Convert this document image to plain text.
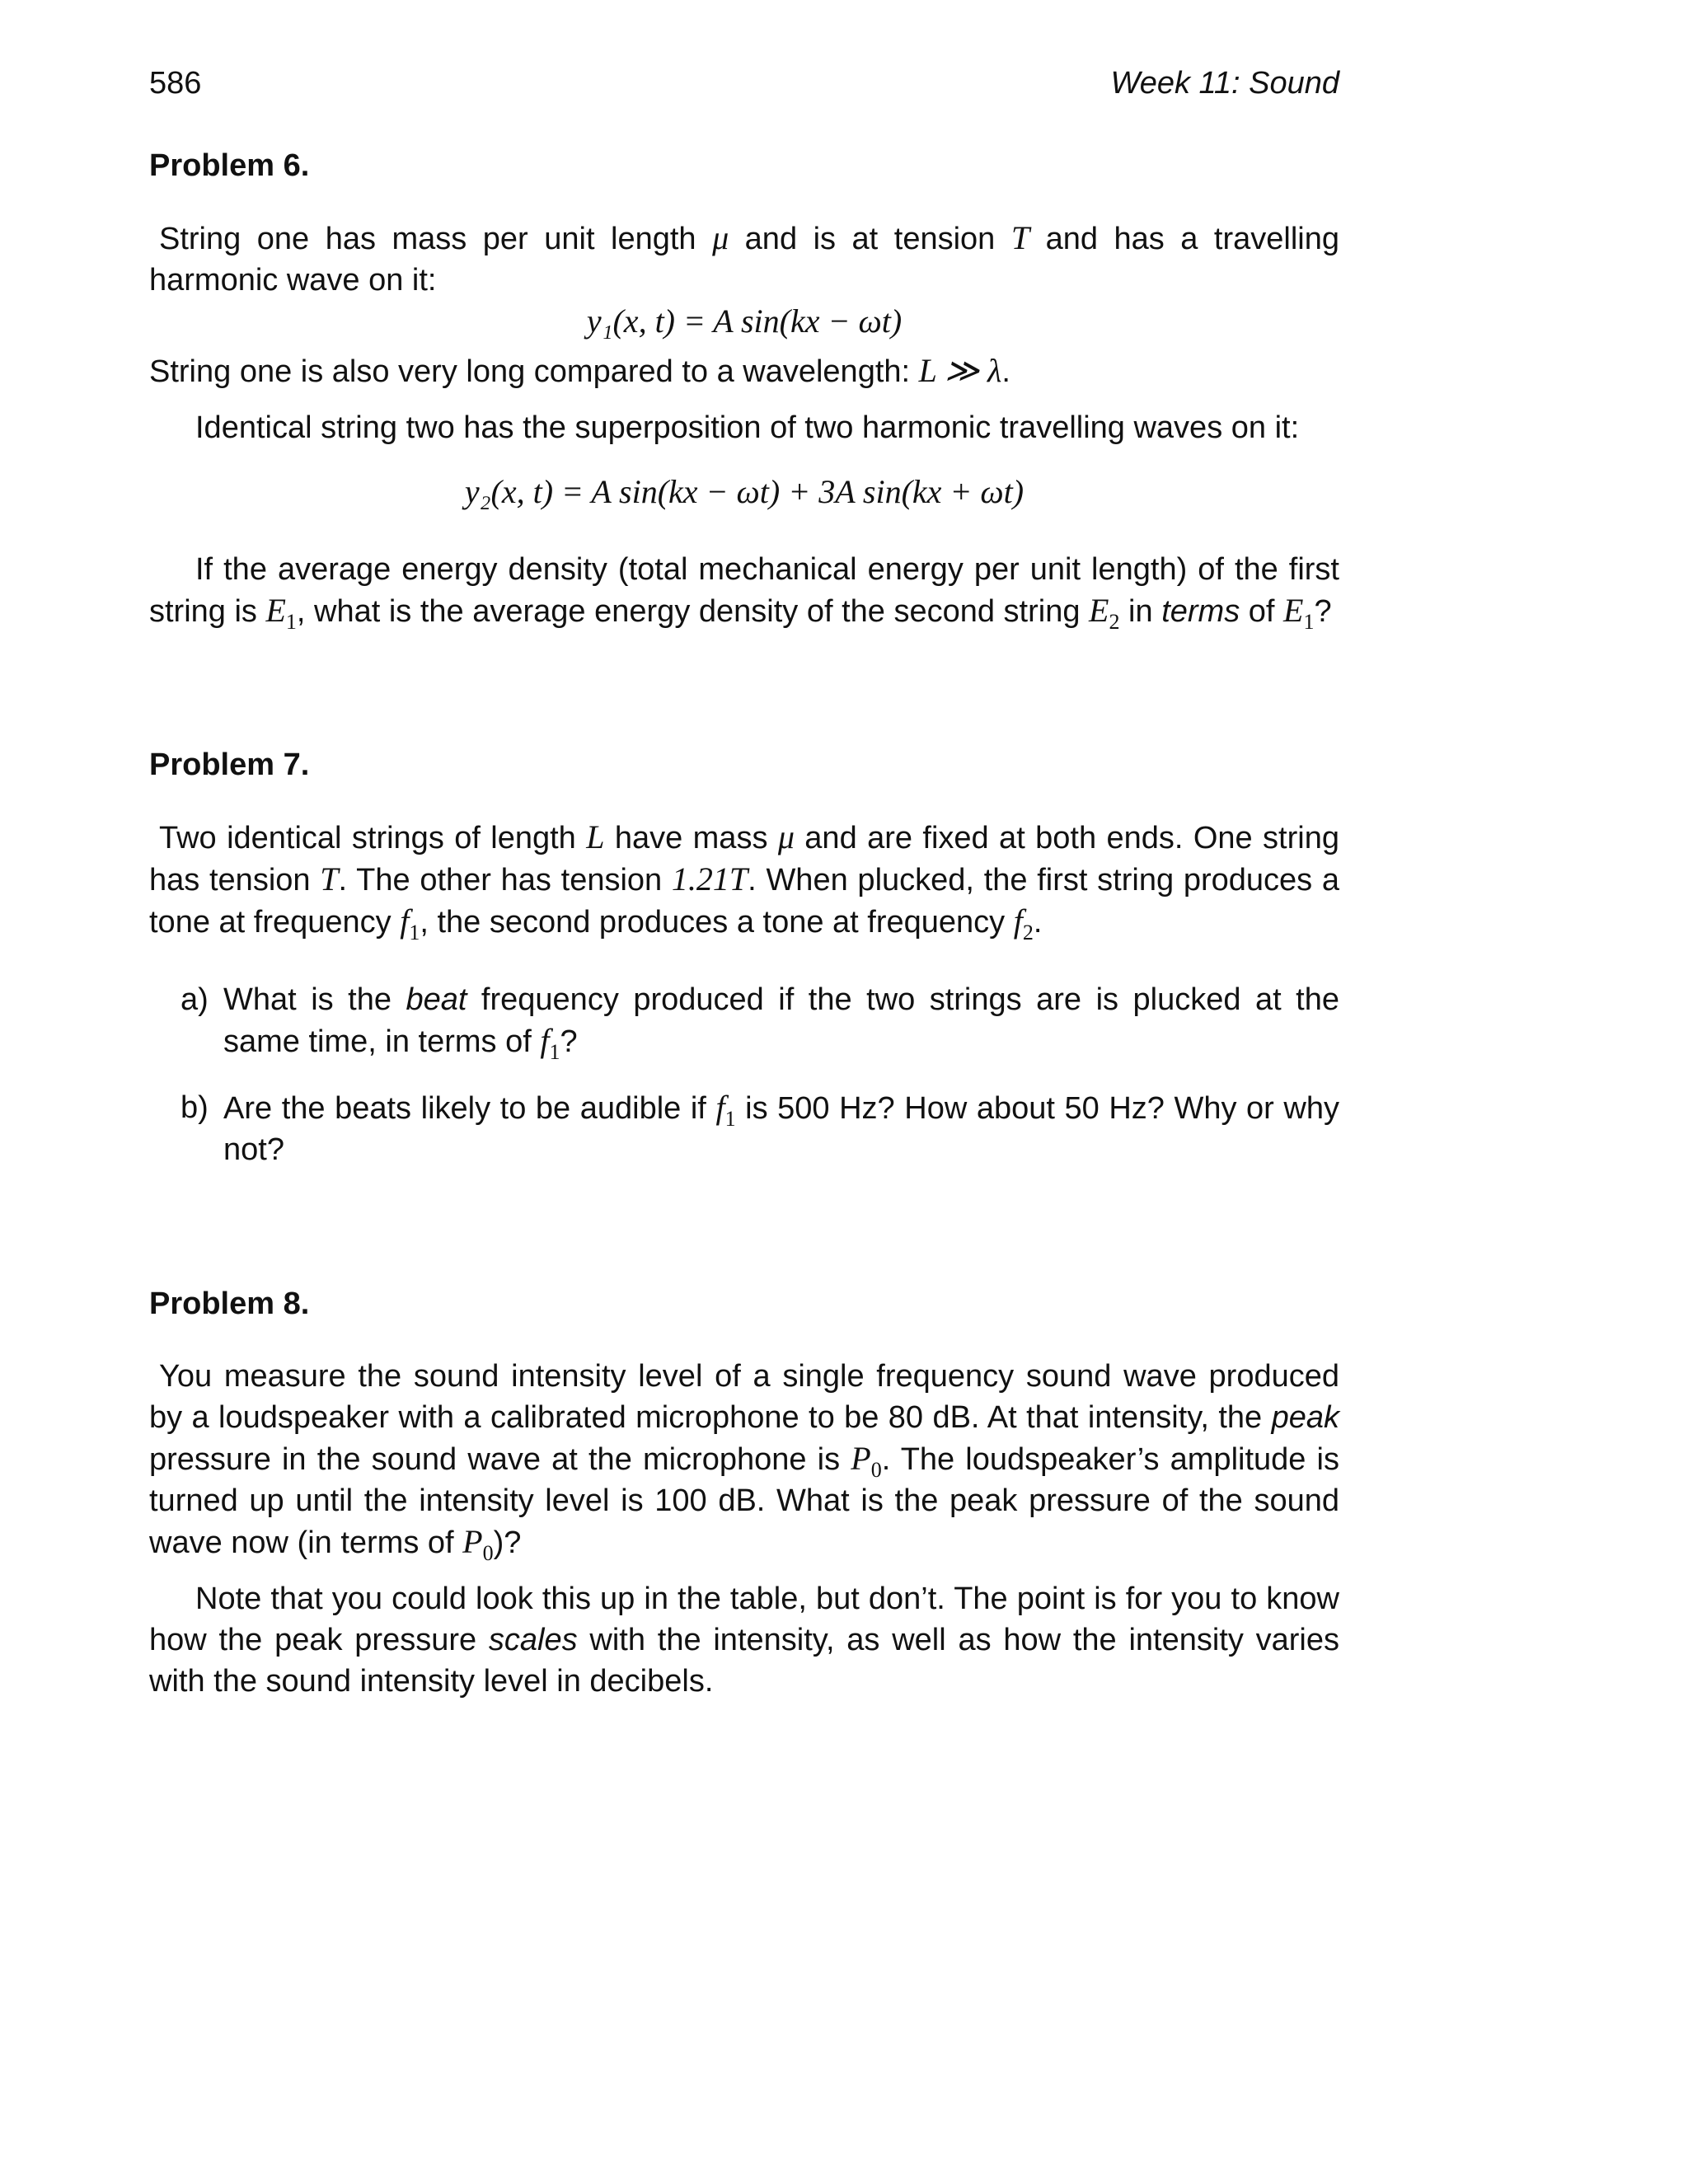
586	Week 11: Sound

Problem 6.

String one has mass per unit length μ and is at tension T and has a travelling harmonic wave on it:

y₁(x, t) = A sin(kx − ωt)

String one is also very long compared to a wavelength: L ≫ λ.

Identical string two has the superposition of two harmonic travelling waves on it:

y₂(x, t) = A sin(kx − ωt) + 3A sin(kx + ωt)

If the average energy density (total mechanical energy per unit length) of the first string is $E_1$, what is the average energy density of the second string $E_2$ in terms of $E_1$?

Problem 7.

Two identical strings of length L have mass μ and are fixed at both ends. One string has tension T. The other has tension 1.21T. When plucked, the first string produces a tone at frequency $f_1$, the second produces a tone at frequency $f_2$.

a) What is the beat frequency produced if the two strings are is plucked at the same time, in terms of $f_1$?
b) Are the beats likely to be audible if $f_1$ is 500 Hz? How about 50 Hz? Why or why not?

Problem 8.

You measure the sound intensity level of a single frequency sound wave produced by a loudspeaker with a calibrated microphone to be 80 dB. At that intensity, the peak pressure in the sound wave at the microphone is $P_0$. The loudspeaker’s amplitude is turned up until the intensity level is 100 dB. What is the peak pressure of the sound wave now (in terms of $P_0$)?

Note that you could look this up in the table, but don’t. The point is for you to know how the peak pressure scales with the intensity, as well as how the intensity varies with the sound intensity level in decibels.
